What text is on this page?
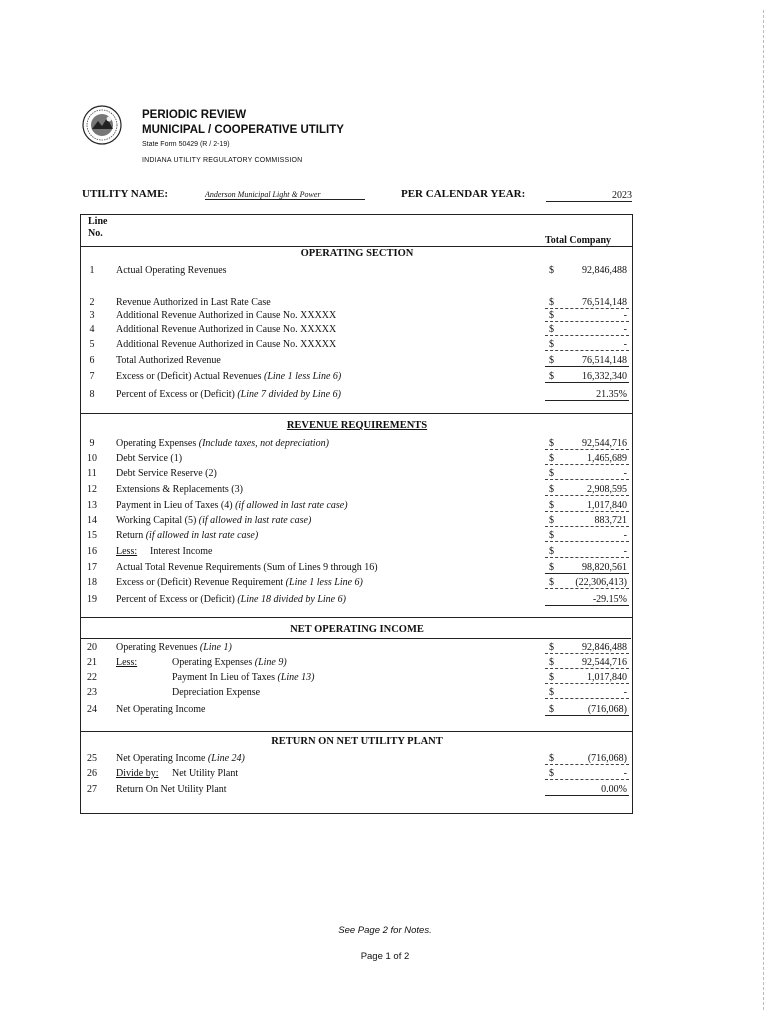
PERIODIC REVIEW
MUNICIPAL / COOPERATIVE UTILITY
State Form 50429 (R / 2-19)
INDIANA UTILITY REGULATORY COMMISSION
UTILITY NAME:	Anderson Municipal Light & Power	PER CALENDAR YEAR:	2023
Line
No.
Total Company
OPERATING SECTION
1	Actual Operating Revenues	$	92,846,488
2	Revenue Authorized in Last Rate Case	$	76,514,148
3	Additional Revenue Authorized in Cause No. XXXXX	$	-
4	Additional Revenue Authorized in Cause No. XXXXX	$	-
5	Additional Revenue Authorized in Cause No. XXXXX	$	-
6	Total Authorized Revenue	$	76,514,148
7	Excess or (Deficit) Actual Revenues (Line 1 less Line 6)	$	16,332,340
8	Percent of Excess or (Deficit) (Line 7 divided by Line 6)	21.35%
REVENUE REQUIREMENTS
9	Operating Expenses (Include taxes, not depreciation)	$	92,544,716
10	Debt Service (1)	$	1,465,689
11	Debt Service Reserve (2)	$	-
12	Extensions & Replacements (3)	$	2,908,595
13	Payment in Lieu of Taxes (4) (if allowed in last rate case)	$	1,017,840
14	Working Capital (5) (if allowed in last rate case)	$	883,721
15	Return (if allowed in last rate case)	$	-
16	Less: Interest Income	$	-
17	Actual Total Revenue Requirements (Sum of Lines 9 through 16)	$	98,820,561
18	Excess or (Deficit) Revenue Requirement (Line 1 less Line 6)	$ (22,306,413)
19	Percent of Excess or (Deficit) (Line 18 divided by Line 6)	-29.15%
NET OPERATING INCOME
20	Operating Revenues (Line 1)	$	92,846,488
21	Less:	Operating Expenses (Line 9)	$	92,544,716
22	Payment In Lieu of Taxes (Line 13)	$	1,017,840
23	Depreciation Expense	$	-
24	Net Operating Income	$	(716,068)
RETURN ON NET UTILITY PLANT
25	Net Operating Income (Line 24)	$	(716,068)
26	Divide by: Net Utility Plant	$	-
27	Return On Net Utility Plant	0.00%
See Page 2 for Notes.
Page 1 of 2
